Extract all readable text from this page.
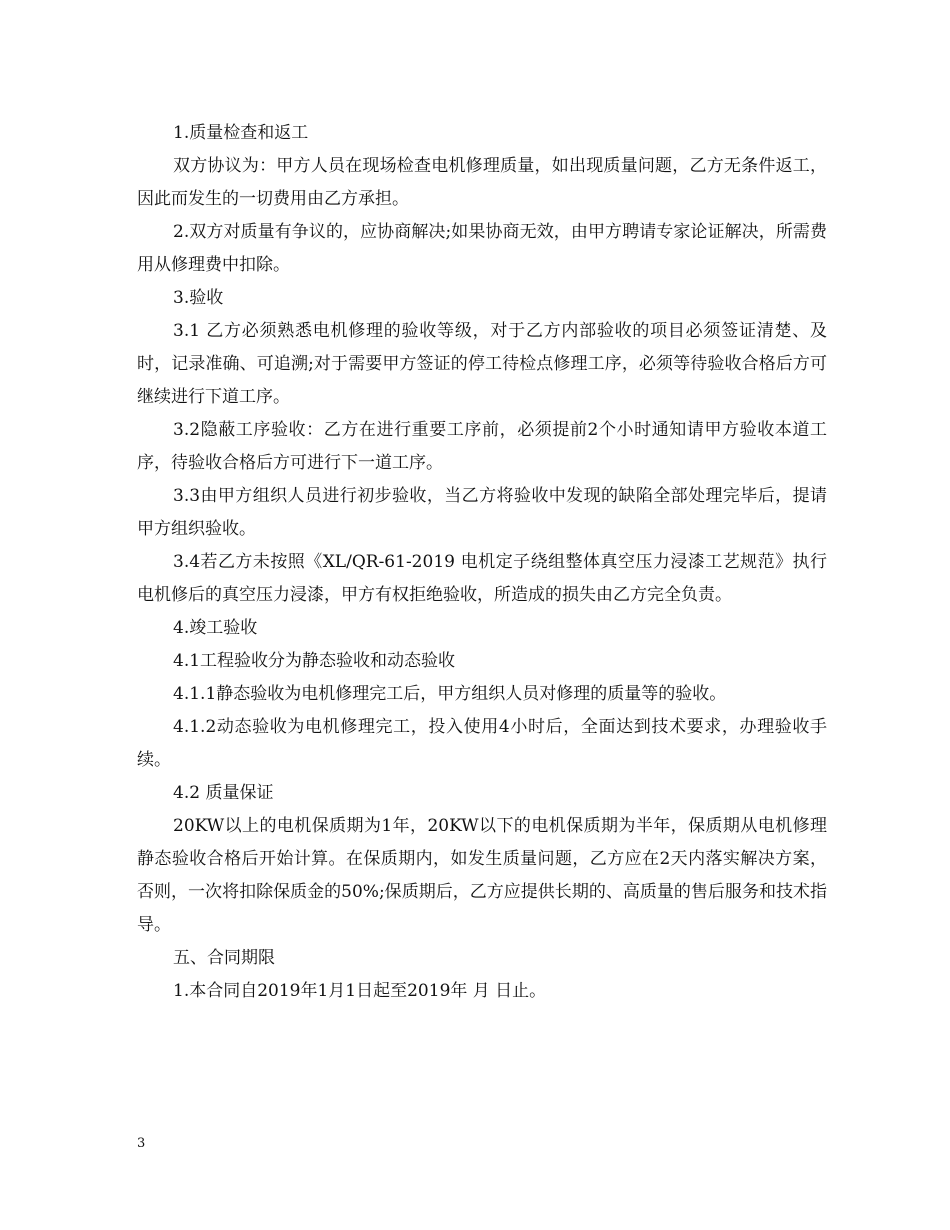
1.质量检查和返工

双方协议为：甲方人员在现场检查电机修理质量，如出现质量问题，乙方无条件返工，因此而发生的一切费用由乙方承担。

2.双方对质量有争议的，应协商解决;如果协商无效，由甲方聘请专家论证解决，所需费用从修理费中扣除。

3.验收

3.1 乙方必须熟悉电机修理的验收等级，对于乙方内部验收的项目必须签证清楚、及时，记录准确、可追溯;对于需要甲方签证的停工待检点修理工序，必须等待验收合格后方可继续进行下道工序。

3.2隐蔽工序验收：乙方在进行重要工序前，必须提前2个小时通知请甲方验收本道工序，待验收合格后方可进行下一道工序。

3.3由甲方组织人员进行初步验收，当乙方将验收中发现的缺陷全部处理完毕后，提请甲方组织验收。

3.4若乙方未按照《XL/QR-61-2019 电机定子绕组整体真空压力浸漆工艺规范》执行电机修后的真空压力浸漆，甲方有权拒绝验收，所造成的损失由乙方完全负责。

4.竣工验收

4.1工程验收分为静态验收和动态验收

4.1.1静态验收为电机修理完工后，甲方组织人员对修理的质量等的验收。

4.1.2动态验收为电机修理完工，投入使用4小时后，全面达到技术要求，办理验收手续。

4.2 质量保证

20KW以上的电机保质期为1年，20KW以下的电机保质期为半年，保质期从电机修理静态验收合格后开始计算。在保质期内，如发生质量问题，乙方应在2天内落实解决方案，否则，一次将扣除保质金的50%;保质期后，乙方应提供长期的、高质量的售后服务和技术指导。

五、合同期限

1.本合同自2019年1月1日起至2019年 月 日止。

3
